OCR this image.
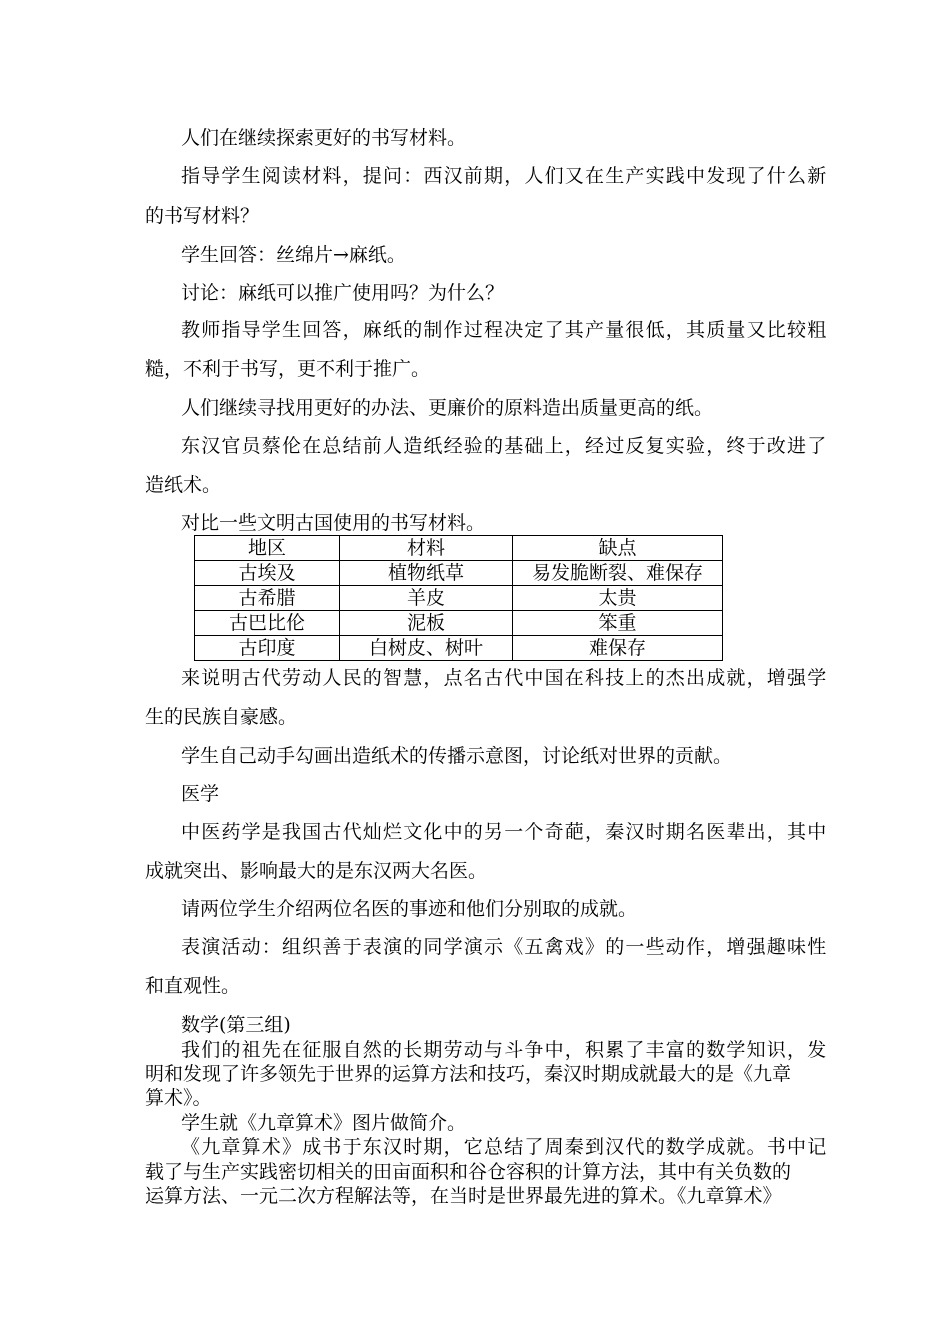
人们在继续探索更好的书写材料。
指导学生阅读材料，提问：西汉前期，人们又在生产实践中发现了什么新
的书写材料？
学生回答：丝绵片→麻纸。
讨论：麻纸可以推广使用吗？为什么？
教师指导学生回答，麻纸的制作过程决定了其产量很低，其质量又比较粗
糙，不利于书写，更不利于推广。
人们继续寻找用更好的办法、更廉价的原料造出质量更高的纸。
东汉官员蔡伦在总结前人造纸经验的基础上，经过反复实验，终于改进了
造纸术。
对比一些文明古国使用的书写材料。
地区	材料	缺点
古埃及	植物纸草	易发脆断裂、难保存
古希腊	羊皮	太贵
古巴比伦	泥板	笨重
古印度	白树皮、树叶	难保存
来说明古代劳动人民的智慧，点名古代中国在科技上的杰出成就，增强学
生的民族自豪感。
学生自己动手勾画出造纸术的传播示意图，讨论纸对世界的贡献。
医学
中医药学是我国古代灿烂文化中的另一个奇葩，秦汉时期名医辈出，其中
成就突出、影响最大的是东汉两大名医。
请两位学生介绍两位名医的事迹和他们分别取的成就。
表演活动：组织善于表演的同学演示《五禽戏》的一些动作，增强趣味性
和直观性。
数学(第三组)
我们的祖先在征服自然的长期劳动与斗争中，积累了丰富的数学知识，发
明和发现了许多领先于世界的运算方法和技巧，秦汉时期成就最大的是《九章
算术》。
学生就《九章算术》图片做简介。
《九章算术》成书于东汉时期，它总结了周秦到汉代的数学成就。书中记
载了与生产实践密切相关的田亩面积和谷仓容积的计算方法，其中有关负数的
运算方法、一元二次方程解法等，在当时是世界最先进的算术。《九章算术》
